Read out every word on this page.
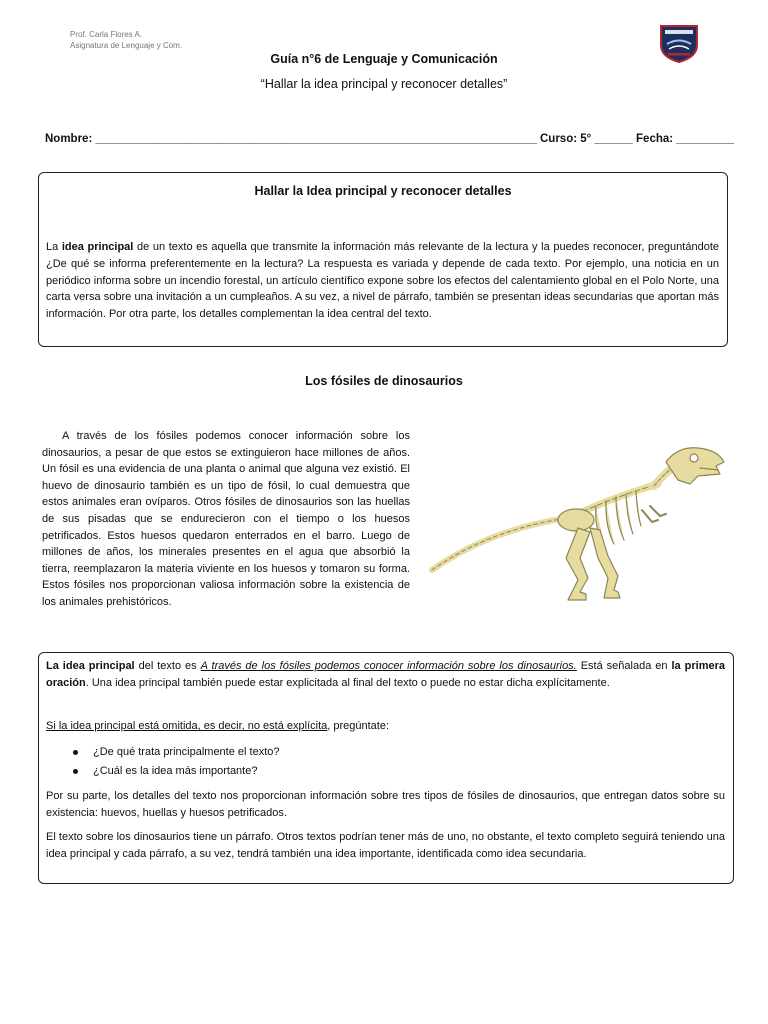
Prof. Carla Flores A.
Asignatura de Lenguaje y Com.
Guía n°6 de Lenguaje y Comunicación
“Hallar la idea principal y reconocer detalles”
Nombre: _____________________________________________________________________ Curso: 5° ______ Fecha: _________
Hallar la Idea principal y reconocer detalles
La idea principal de un texto es aquella que transmite la información más relevante de la lectura y la puedes reconocer, preguntándote ¿De qué se informa preferentemente en la lectura? La respuesta es variada y depende de cada texto. Por ejemplo, una noticia en un periódico informa sobre un incendio forestal, un artículo científico expone sobre los efectos del calentamiento global en el Polo Norte, una carta versa sobre una invitación a un cumpleaños. A su vez, a nivel de párrafo, también se presentan ideas secundarias que aportan más información. Por otra parte, los detalles complementan la idea central del texto.
Los fósiles de dinosaurios
A través de los fósiles podemos conocer información sobre los dinosaurios, a pesar de que estos se extinguieron hace millones de años. Un fósil es una evidencia de una planta o animal que alguna vez existió. El huevo de dinosaurio también es un tipo de fósil, lo cual demuestra que estos animales eran ovíparos. Otros fósiles de dinosaurios son las huellas de sus pisadas que se endurecieron con el tiempo o los huesos petrificados. Estos huesos quedaron enterrados en el barro. Luego de millones de años, los minerales presentes en el agua que absorbió la tierra, reemplazaron la materia viviente en los huesos y tomaron su forma. Estos fósiles nos proporcionan valiosa información sobre la existencia de los animales prehistóricos.
La idea principal del texto es A través de los fósiles podemos conocer información sobre los dinosaurios. Está señalada en la primera oración. Una idea principal también puede estar explicitada al final del texto o puede no estar dicha explícitamente.
Si la idea principal está omitida, es decir, no está explícita, pregúntate:
¿De qué trata principalmente el texto?
¿Cuál es la idea más importante?
Por su parte, los detalles del texto nos proporcionan información sobre tres tipos de fósiles de dinosaurios, que entregan datos sobre su existencia: huevos, huellas y huesos petrificados.
El texto sobre los dinosaurios tiene un párrafo. Otros textos podrían tener más de uno, no obstante, el texto completo seguirá teniendo una idea principal y cada párrafo, a su vez, tendrá también una idea importante, identificada como idea secundaria.
